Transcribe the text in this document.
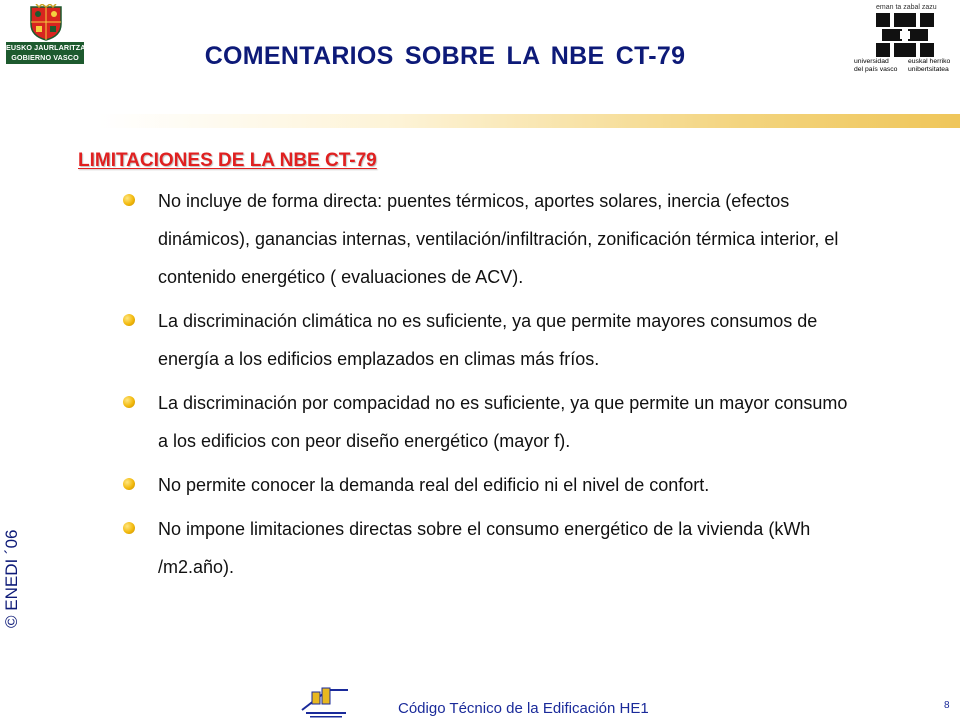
EUSKO JAURLARITZA
GOBIERNO VASCO	COMENTARIOS SOBRE LA NBE CT-79
eman ta zabal zazu
universidad
del país vasco
euskal herriko
unibertsitatea
LIMITACIONES DE LA NBE CT-79
No incluye de forma directa: puentes térmicos, aportes solares, inercia (efectos dinámicos), ganancias internas, ventilación/infiltración, zonificación térmica interior, el contenido energético ( evaluaciones de ACV).
La discriminación climática no es suficiente, ya que permite mayores consumos de energía a los edificios emplazados en climas más fríos.
La discriminación por compacidad no es suficiente, ya que permite un mayor consumo a los edificios con peor diseño energético (mayor f).
No permite conocer la demanda real del edificio ni el nivel de confort.
No impone limitaciones directas sobre el consumo energético de la vivienda (kWh /m2.año).
© ENEDI ´06
Código Técnico de la Edificación HE1	8
